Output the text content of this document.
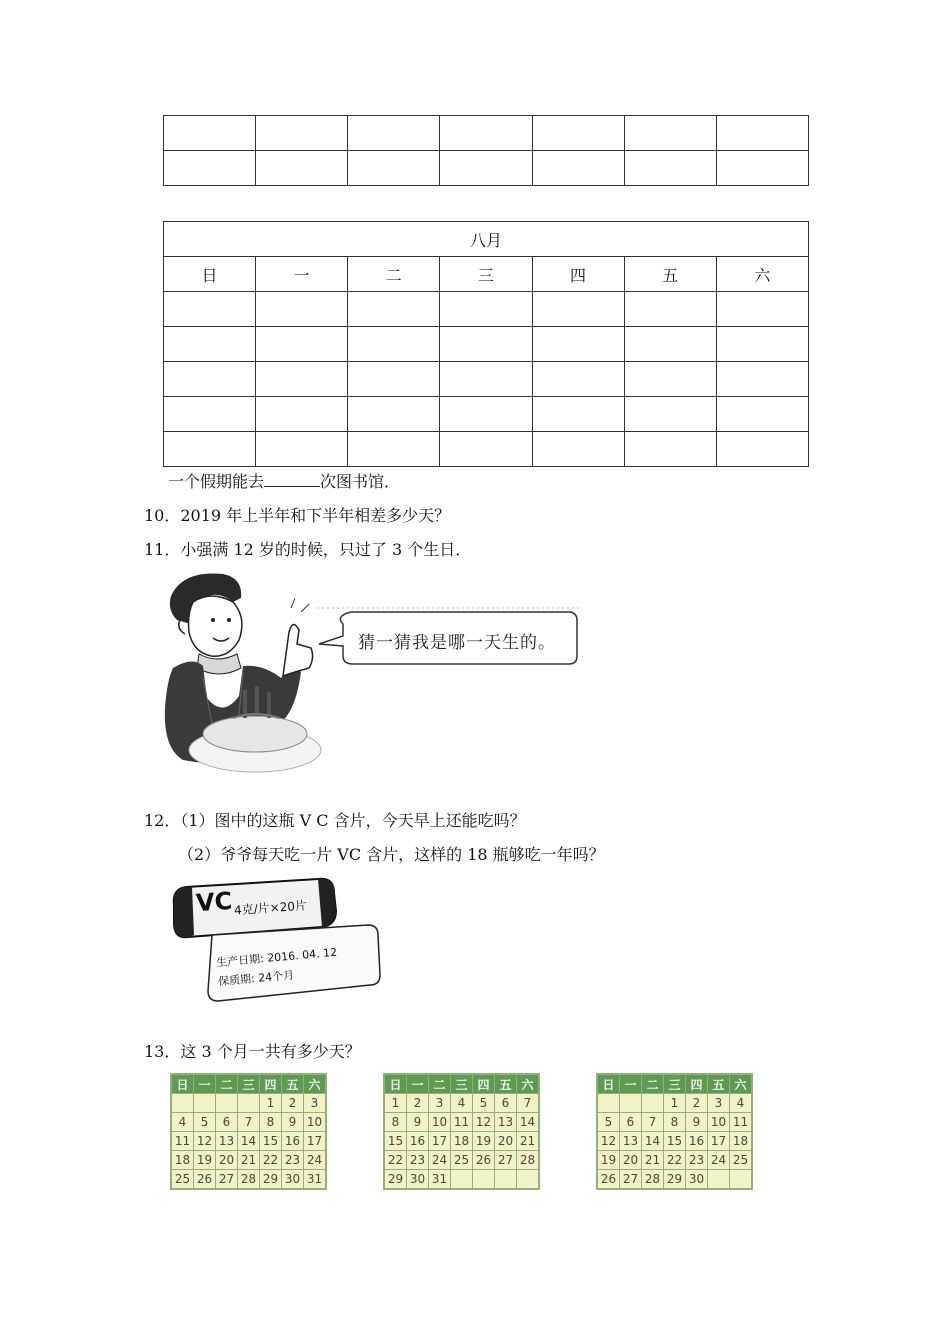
八月						
日	一	二	三	四	五	六

一个假期能去	次图书馆．
10．2019 年上半年和下半年相差多少天？
11．小强满 12 岁的时候，只过了 3 个生日．
猜一猜我是哪一天生的。
12．（1）图中的这瓶 V C 含片，今天早上还能吃吗？
（2）爷爷每天吃一片 VC 含片，这样的 18 瓶够吃一年吗？
VC 4克/片×20片
生产日期: 2016. 04. 12
保质期: 24个月
13．这 3 个月一共有多少天？
日	一	二	三	四	五	六
				1	2	3
4	5	6	7	8	9	10
11	12	13	14	15	16	17
18	19	20	21	22	23	24
25	26	27	28	29	30	31
日	一	二	三	四	五	六
1	2	3	4	5	6	7
8	9	10	11	12	13	14
15	16	17	18	19	20	21
22	23	24	25	26	27	28
29	30	31				
日	一	二	三	四	五	六
			1	2	3	4
5	6	7	8	9	10	11
12	13	14	15	16	17	18
19	20	21	22	23	24	25
26	27	28	29	30		
